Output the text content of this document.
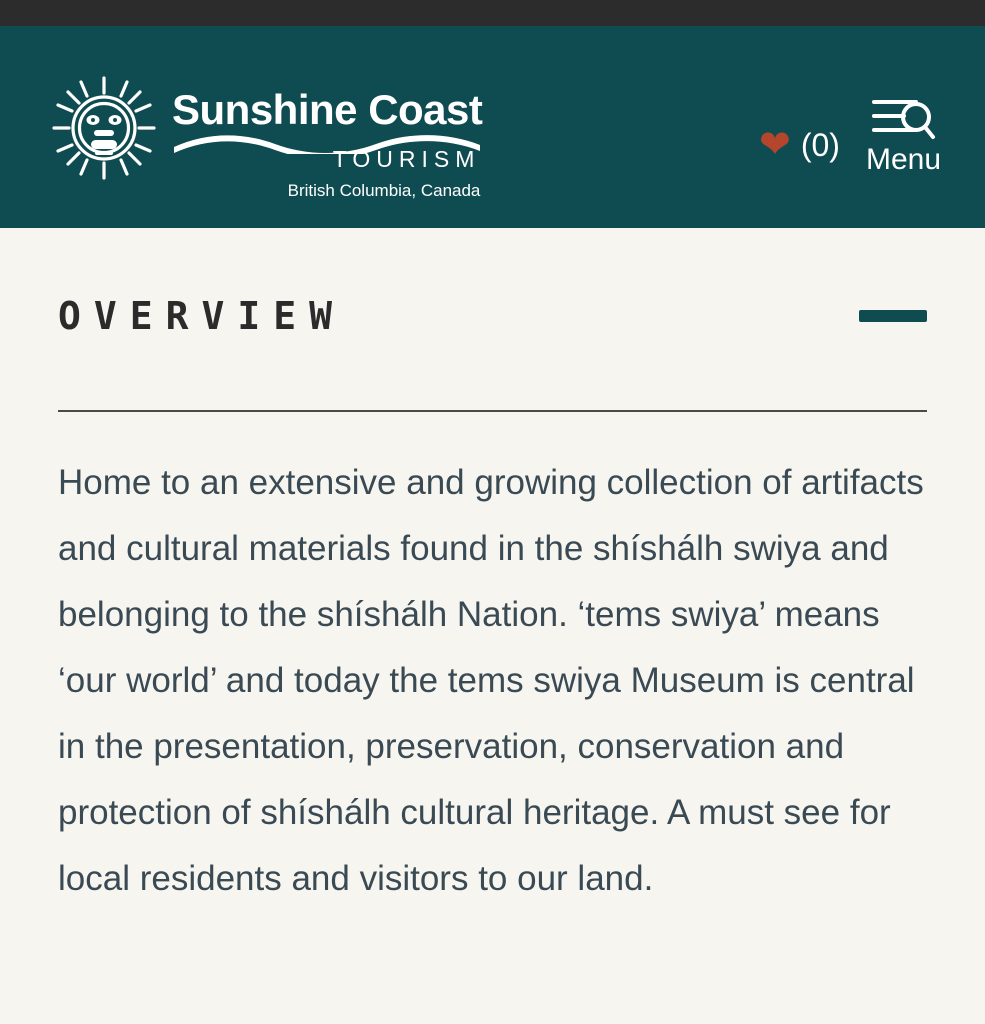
Sunshine Coast
TOURISM
British Columbia, Canada
❤ (0) Menu
OVERVIEW
Home to an extensive and growing collection of artifacts and cultural materials found in the shíshálh swiya and belonging to the shíshálh Nation. ‘tems swiya’ means ‘our world’ and today the tems swiya Museum is central in the presentation, preservation, conservation and protection of shíshálh cultural heritage. A must see for local residents and visitors to our land.
